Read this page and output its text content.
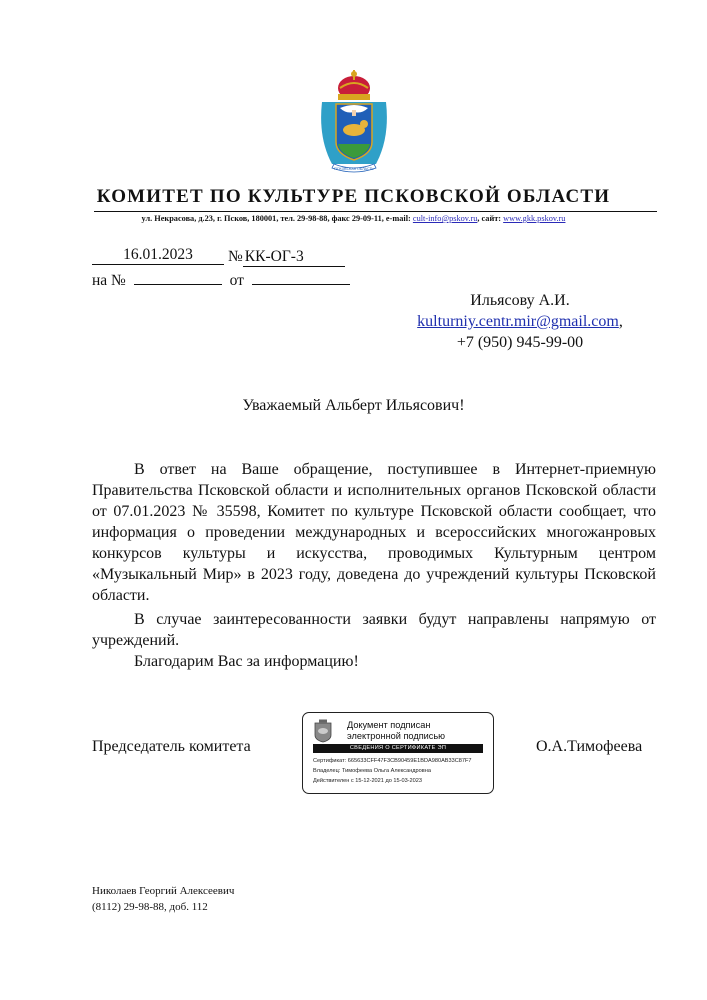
ПСКОВСКАЯ ОБЛАСТЬ
КОМИТЕТ ПО КУЛЬТУРЕ ПСКОВСКОЙ ОБЛАСТИ
ул. Некрасова, д.23, г. Псков, 180001, тел. 29-98-88, факс 29-09-11, e-mail: cult-info@pskov.ru, сайт: www.gkk.pskov.ru
16.01.2023	№ КК-ОГ-3
на №	от
Ильясову А.И.
kulturniy.centr.mir@gmail.com,
+7 (950) 945-99-00
Уважаемый Альберт Ильясович!

В ответ на Ваше обращение, поступившее в Интернет-приемную Правительства Псковской области и исполнительных органов Псковской области от 07.01.2023 № 35598, Комитет по культуре Псковской области сообщает, что информация о проведении международных и всероссийских многожанровых конкурсов культуры и искусства, проводимых Культурным центром «Музыкальный Мир» в 2023 году, доведена до учреждений культуры Псковской области.

В случае заинтересованности заявки будут направлены напрямую от учреждений.

Благодарим Вас за информацию!

Председатель комитета	О.А.Тимофеева
Документ подписан
электронной подписью
СВЕДЕНИЯ О СЕРТИФИКАТЕ ЭП
Сертификат: 665633CFF47F3CB90459E1BDA980AB33C87F7
Владелец: Тимофеева Ольга Александровна
Действителен с 15-12-2021 до 15-03-2023
Николаев Георгий Алексеевич
(8112) 29-98-88, доб. 112
